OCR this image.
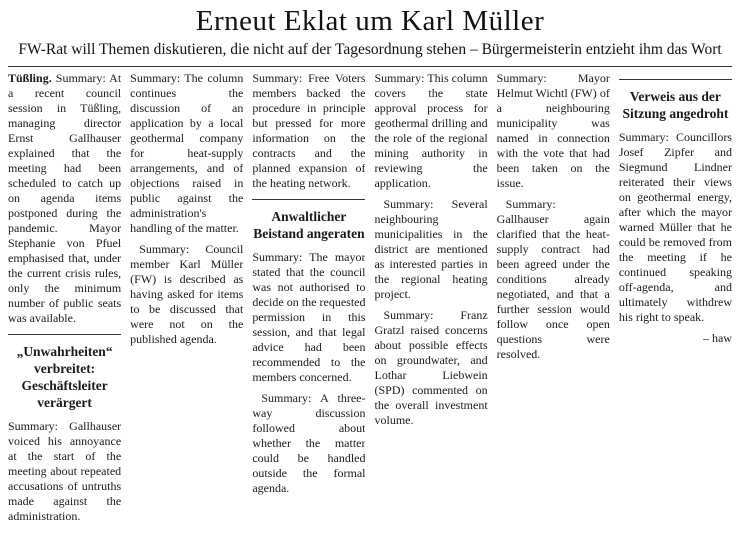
Erneut Eklat um Karl Müller
FW-Rat will Themen diskutieren, die nicht auf der Tagesordnung stehen – Bürgermeisterin entzieht ihm das Wort

Tüßling. Summary: At a recent council session in Tüßling, managing director Ernst Gallhauser explained that the meeting had been scheduled to catch up on agenda items postponed during the pandemic. Mayor Stephanie von Pfuel emphasised that, under the current crisis rules, only the minimum number of public seats was available.

„Unwahrheiten“ verbreitet: Geschäftsleiter verärgert

Summary: Gallhauser voiced his annoyance at the start of the meeting about repeated accusations of untruths made against the administration.

Summary: The column continues the discussion of an application by a local geothermal company for heat-supply arrangements, and of objections raised in public against the administration's handling of the matter.

Summary: Council member Karl Müller (FW) is described as having asked for items to be discussed that were not on the published agenda.

Summary: Free Voters members backed the procedure in principle but pressed for more information on the contracts and the planned expansion of the heating network.

Anwaltlicher Beistand angeraten

Summary: The mayor stated that the council was not authorised to decide on the requested permission in this session, and that legal advice had been recommended to the members concerned.

Summary: A three-way discussion followed about whether the matter could be handled outside the formal agenda.

Summary: This column covers the state approval process for geothermal drilling and the role of the regional mining authority in reviewing the application.

Summary: Several neighbouring municipalities in the district are mentioned as interested parties in the regional heating project.

Summary: Franz Gratzl raised concerns about possible effects on groundwater, and Lothar Liebwein (SPD) commented on the overall investment volume.

Summary: Mayor Helmut Wichtl (FW) of a neighbouring municipality was named in connection with the vote that had been taken on the issue.

Summary: Gallhauser again clarified that the heat-supply contract had been agreed under the conditions already negotiated, and that a further session would follow once open questions were resolved.

Verweis aus der Sitzung angedroht

Summary: Councillors Josef Zipfer and Siegmund Lindner reiterated their views on geothermal energy, after which the mayor warned Müller that he could be removed from the meeting if he continued speaking off-agenda, and ultimately withdrew his right to speak.

– haw
